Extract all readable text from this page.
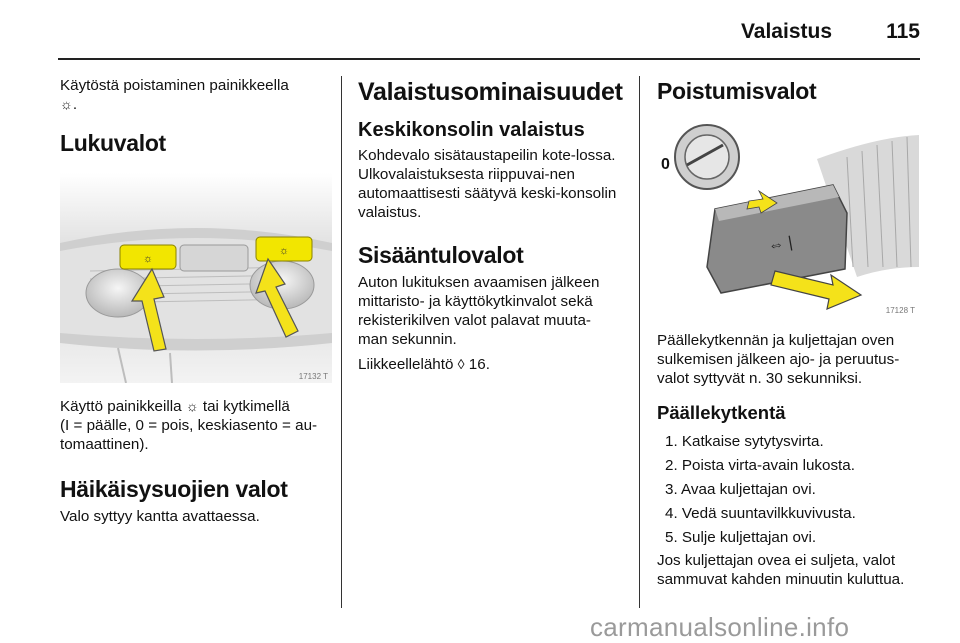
Valaistus	115

Käytöstä poistaminen painikkeella
☼.

Lukuvalot
☼
☼
17132 T

Käyttö painikkeilla ☼ tai kytkimellä
(I = päälle, 0 = pois, keskiasento = au-tomaattinen).

Häikäisysuojien valot

Valo syttyy kantta avattaessa.

Valaistusominaisuudet
Keskikonsolin valaistus

Kohdevalo sisätaustapeilin kote-lossa. Ulkovalaistuksesta riippuvai-nen automaattisesti säätyvä keski-konsolin valaistus.

Sisääntulovalot

Auton lukituksen avaamisen jälkeen mittaristo- ja käyttökytkinvalot sekä rekisterikilven valot palavat muuta-man sekunnin.

Liikkeellelähtö ◊ 16.

Poistumisvalot
0
⇔ |
17128 T

Päällekytkennän ja kuljettajan oven sulkemisen jälkeen ajo- ja peruutus-valot syttyvät n. 30 sekunniksi.

Päällekytkentä
1. Katkaise sytytysvirta.
2. Poista virta-avain lukosta.
3. Avaa kuljettajan ovi.
4. Vedä suuntavilkkuvivusta.
5. Sulje kuljettajan ovi.

Jos kuljettajan ovea ei suljeta, valot sammuvat kahden minuutin kuluttua.

carmanualsonline.info
